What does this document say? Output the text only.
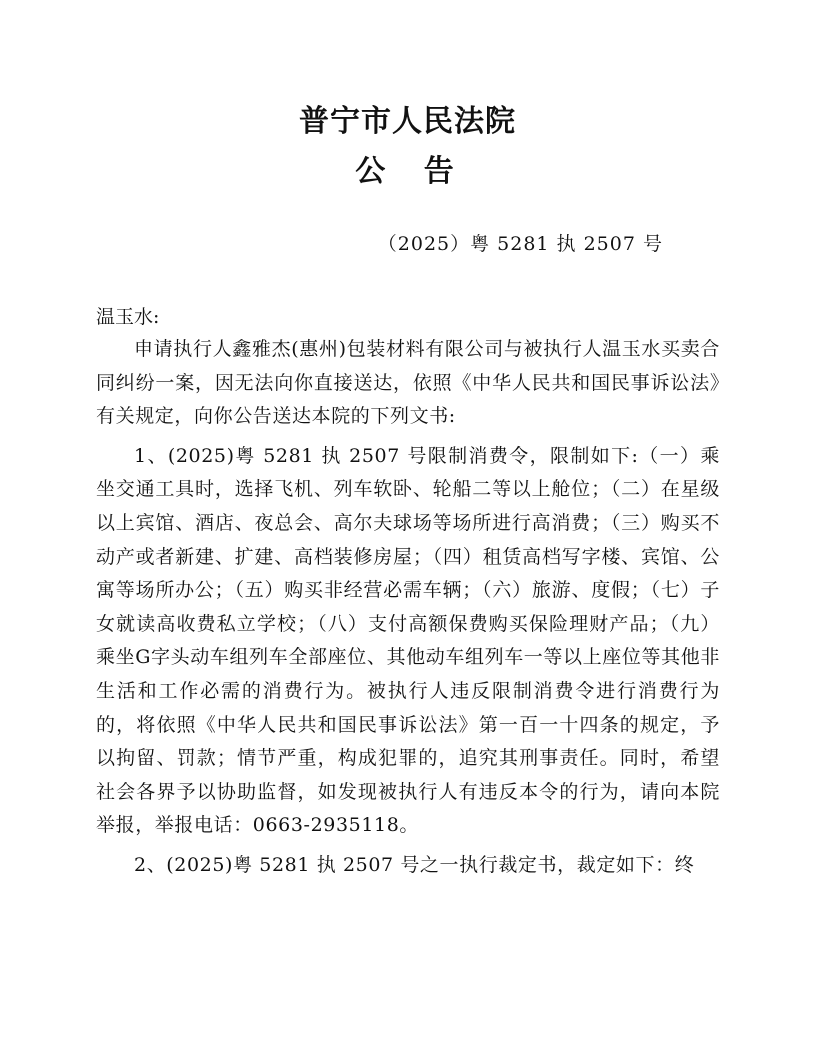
普宁市人民法院
公 告
（2025）粤 5281 执 2507 号
温玉水:

申请执行人鑫雅杰(惠州)包装材料有限公司与被执行人温玉水买卖合同纠纷一案，因无法向你直接送达，依照《中华人民共和国民事诉讼法》有关规定，向你公告送达本院的下列文书:

1、(2025)粤 5281 执 2507 号限制消费令，限制如下:（一）乘坐交通工具时，选择飞机、列车软卧、轮船二等以上舱位；（二）在星级以上宾馆、酒店、夜总会、高尔夫球场等场所进行高消费；（三）购买不动产或者新建、扩建、高档装修房屋；（四）租赁高档写字楼、宾馆、公寓等场所办公；（五）购买非经营必需车辆；（六）旅游、度假；（七）子女就读高收费私立学校；（八）支付高额保费购买保险理财产品；（九）乘坐G字头动车组列车全部座位、其他动车组列车一等以上座位等其他非生活和工作必需的消费行为。被执行人违反限制消费令进行消费行为的，将依照《中华人民共和国民事诉讼法》第一百一十四条的规定，予以拘留、罚款；情节严重，构成犯罪的，追究其刑事责任。同时，希望社会各界予以协助监督，如发现被执行人有违反本令的行为，请向本院举报，举报电话：0663-2935118。

2、(2025)粤 5281 执 2507 号之一执行裁定书，裁定如下：终
